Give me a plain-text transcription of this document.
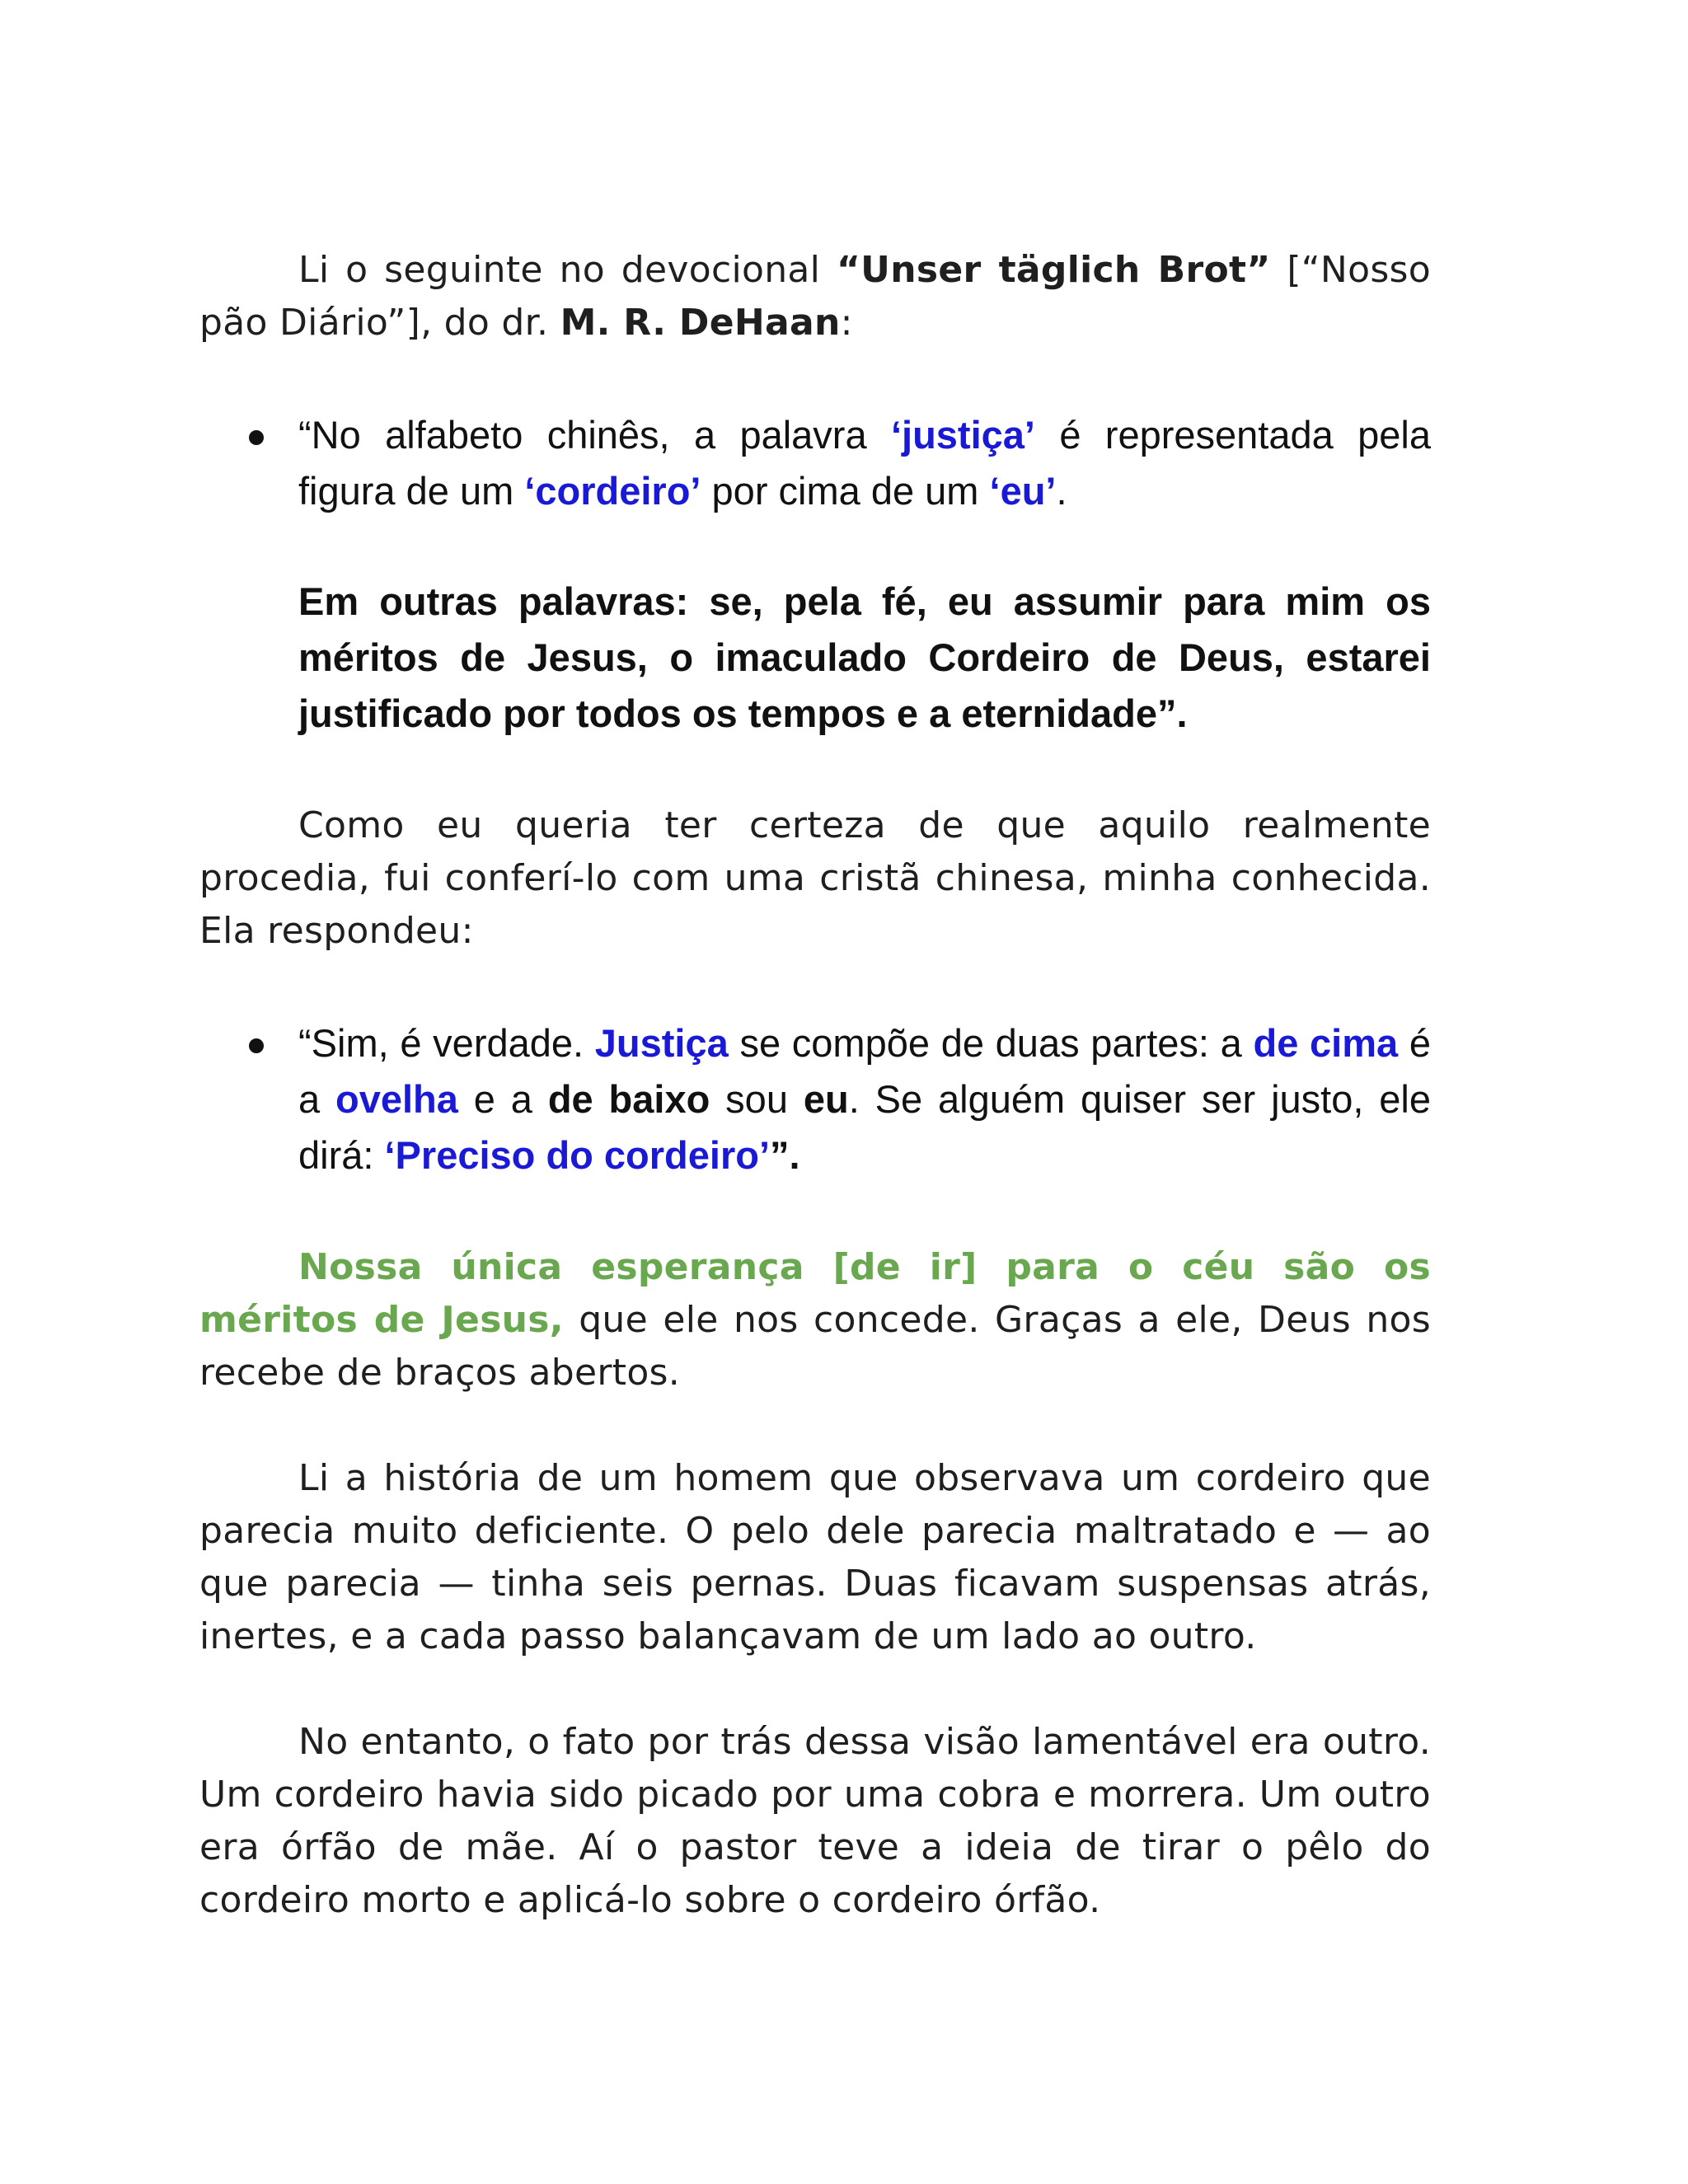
Li o seguinte no devocional “Unser täglich Brot” [“Nosso pão Diário”], do dr. M. R. DeHaan:

“No alfabeto chinês, a palavra ‘justiça’ é representada pela figura de um ‘cordeiro’ por cima de um ‘eu’.

Em outras palavras: se, pela fé, eu assumir para mim os méritos de Jesus, o imaculado Cordeiro de Deus, estarei justificado por todos os tempos e a eternidade”.

Como eu queria ter certeza de que aquilo realmente procedia, fui conferí-lo com uma cristã chinesa, minha conhecida. Ela respondeu:

“Sim, é verdade. Justiça se compõe de duas partes: a de cima é a ovelha e a de baixo sou eu. Se alguém quiser ser justo, ele dirá: ‘Preciso do cordeiro’”.

Nossa única esperança [de ir] para o céu são os méritos de Jesus, que ele nos concede. Graças a ele, Deus nos recebe de braços abertos.

Li a história de um homem que observava um cordeiro que parecia muito deficiente. O pelo dele parecia maltratado e — ao que parecia — tinha seis pernas. Duas ficavam suspensas atrás, inertes, e a cada passo balançavam de um lado ao outro.

No entanto, o fato por trás dessa visão lamentável era outro. Um cordeiro havia sido picado por uma cobra e morrera. Um outro era órfão de mãe. Aí o pastor teve a ideia de tirar o pêlo do cordeiro morto e aplicá-lo sobre o cordeiro órfão.
